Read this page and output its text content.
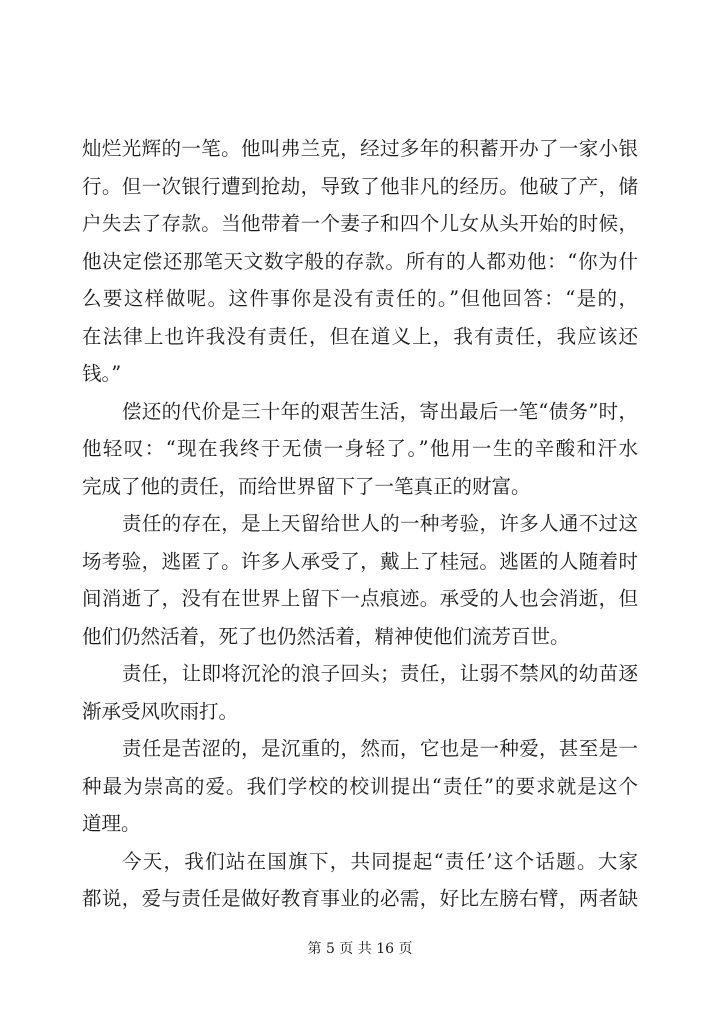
灿烂光辉的一笔。他叫弗兰克，经过多年的积蓄开办了一家小银
行。但一次银行遭到抢劫，导致了他非凡的经历。他破了产，储
户失去了存款。当他带着一个妻子和四个儿女从头开始的时候，
他决定偿还那笔天文数字般的存款。所有的人都劝他：“你为什
么要这样做呢。这件事你是没有责任的。”但他回答：“是的，
在法律上也许我没有责任，但在道义上，我有责任，我应该还
钱。”
偿还的代价是三十年的艰苦生活，寄出最后一笔“债务”时，
他轻叹：“现在我终于无债一身轻了。”他用一生的辛酸和汗水
完成了他的责任，而给世界留下了一笔真正的财富。
责任的存在，是上天留给世人的一种考验，许多人通不过这
场考验，逃匿了。许多人承受了，戴上了桂冠。逃匿的人随着时
间消逝了，没有在世界上留下一点痕迹。承受的人也会消逝，但
他们仍然活着，死了也仍然活着，精神使他们流芳百世。
责任，让即将沉沦的浪子回头；责任，让弱不禁风的幼苗逐
渐承受风吹雨打。
责任是苦涩的，是沉重的，然而，它也是一种爱，甚至是一
种最为崇高的爱。我们学校的校训提出“责任”的要求就是这个
道理。
今天，我们站在国旗下，共同提起“责任’这个话题。大家
都说，爱与责任是做好教育事业的必需，好比左膀右臂，两者缺
第 5 页 共 16 页
